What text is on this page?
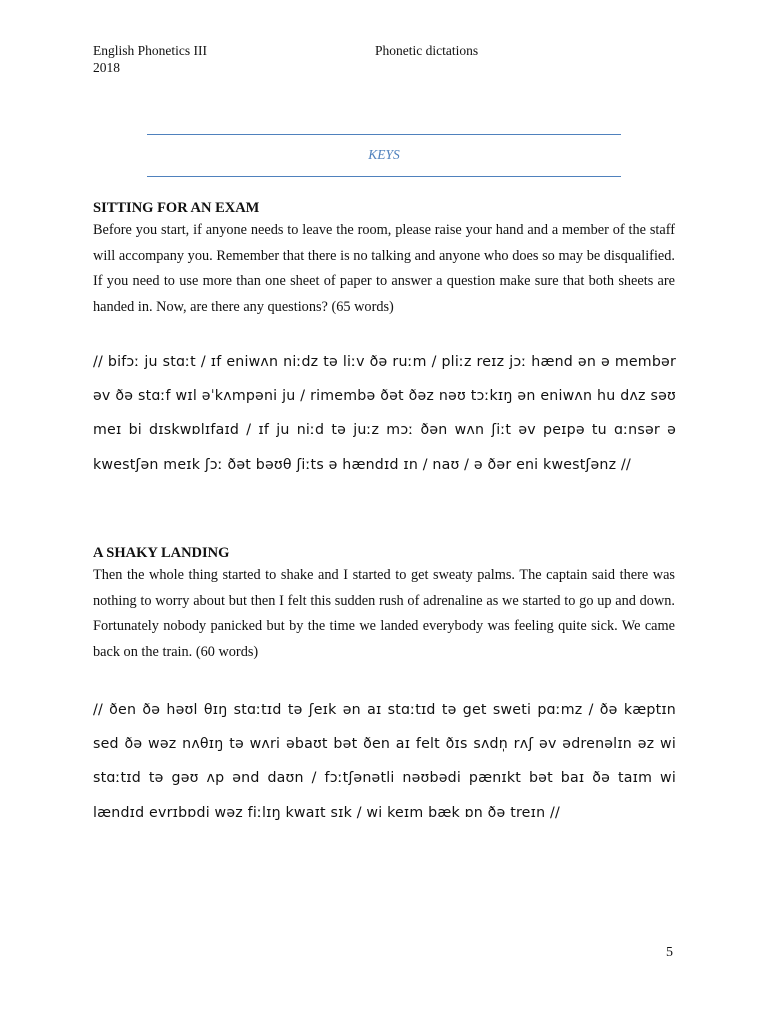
English Phonetics III
2018
Phonetic dictations
KEYS
SITTING FOR AN EXAM

Before you start, if anyone needs to leave the room, please raise your hand and a member of the staff will accompany you. Remember that there is no talking and anyone who does so may be disqualified. If you need to use more than one sheet of paper to answer a question make sure that both sheets are handed in. Now, are there any questions? (65 words)

// bifɔː ju stɑːt / ɪf eniwʌn niːdz tə liːv ðə ruːm / pliːz reɪz jɔː hænd ən ə membər əv ðə stɑːf wɪl əˈkʌmpəni ju / rimembə ðət ðəz nəʊ tɔːkɪŋ ən eniwʌn hu dʌz səʊ meɪ bi dɪskwɒlɪfaɪd / ɪf ju niːd tə juːz mɔː ðən wʌn ʃiːt əv peɪpə tu ɑːnsər ə kwestʃən meɪk ʃɔː ðət bəʊθ ʃiːts ə hændɪd ɪn / naʊ / ə ðər eni kwestʃənz //

A SHAKY LANDING

Then the whole thing started to shake and I started to get sweaty palms. The captain said there was nothing to worry about but then I felt this sudden rush of adrenaline as we started to go up and down. Fortunately nobody panicked but by the time we landed everybody was feeling quite sick. We came back on the train. (60 words)

// ðen ðə həʊl θɪŋ stɑːtɪd tə ʃeɪk ən aɪ stɑːtɪd tə get sweti pɑːmz / ðə kæptɪn sed ðə wəz nʌθɪŋ tə wʌri əbaʊt bət ðen aɪ felt ðɪs sʌdn̩ rʌʃ əv ədrenəlɪn əz wi stɑːtɪd tə gəʊ ʌp ənd daʊn / fɔːtʃənətli nəʊbədi pænɪkt bət baɪ ðə taɪm wi lændɪd evrɪbɒdi wəz fiːlɪŋ kwaɪt sɪk / wi keɪm bæk ɒn ðə treɪn //

5
